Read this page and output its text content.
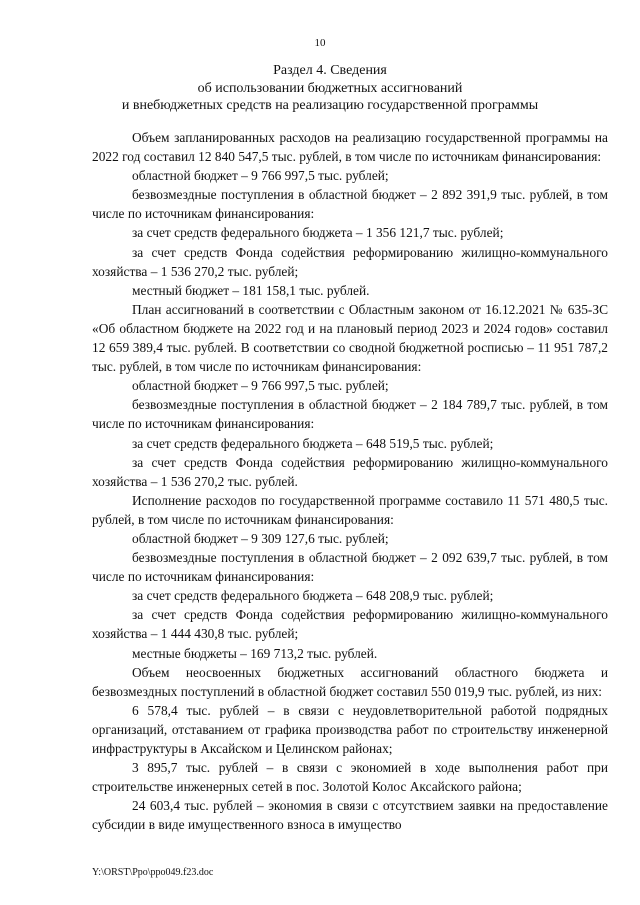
10
Раздел 4. Сведения
об использовании бюджетных ассигнований
и внебюджетных средств на реализацию государственной программы

Объем запланированных расходов на реализацию государственной программы на 2022 год составил 12 840 547,5 тыс. рублей, в том числе по источникам финансирования:

областной бюджет – 9 766 997,5 тыс. рублей;

безвозмездные поступления в областной бюджет – 2 892 391,9 тыс. рублей, в том числе по источникам финансирования:

за счет средств федерального бюджета – 1 356 121,7 тыс. рублей;

за счет средств Фонда содействия реформированию жилищно-коммунального хозяйства – 1 536 270,2 тыс. рублей;

местный бюджет – 181 158,1 тыс. рублей.

План ассигнований в соответствии с Областным законом от 16.12.2021 № 635-ЗС «Об областном бюджете на 2022 год и на плановый период 2023 и 2024 годов» составил 12 659 389,4 тыс. рублей. В соответствии со сводной бюджетной росписью – 11 951 787,2 тыс. рублей, в том числе по источникам финансирования:

областной бюджет – 9 766 997,5 тыс. рублей;

безвозмездные поступления в областной бюджет – 2 184 789,7 тыс. рублей, в том числе по источникам финансирования:

за счет средств федерального бюджета – 648 519,5 тыс. рублей;

за счет средств Фонда содействия реформированию жилищно-коммунального хозяйства – 1 536 270,2 тыс. рублей.

Исполнение расходов по государственной программе составило 11 571 480,5 тыс. рублей, в том числе по источникам финансирования:

областной бюджет – 9 309 127,6 тыс. рублей;

безвозмездные поступления в областной бюджет – 2 092 639,7 тыс. рублей, в том числе по источникам финансирования:

за счет средств федерального бюджета – 648 208,9 тыс. рублей;

за счет средств Фонда содействия реформированию жилищно-коммунального хозяйства – 1 444 430,8 тыс. рублей;

местные бюджеты – 169 713,2 тыс. рублей.

Объем неосвоенных бюджетных ассигнований областного бюджета и безвозмездных поступлений в областной бюджет составил 550 019,9 тыс. рублей, из них:

6 578,4 тыс. рублей – в связи с неудовлетворительной работой подрядных организаций, отставанием от графика производства работ по строительству инженерной инфраструктуры в Аксайском и Целинском районах;

3 895,7 тыс. рублей – в связи с экономией в ходе выполнения работ при строительстве инженерных сетей в пос. Золотой Колос Аксайского района;

24 603,4 тыс. рублей – экономия в связи с отсутствием заявки на предоставление субсидии в виде имущественного взноса в имущество

Y:\ORST\Ppo\ppo049.f23.doc
